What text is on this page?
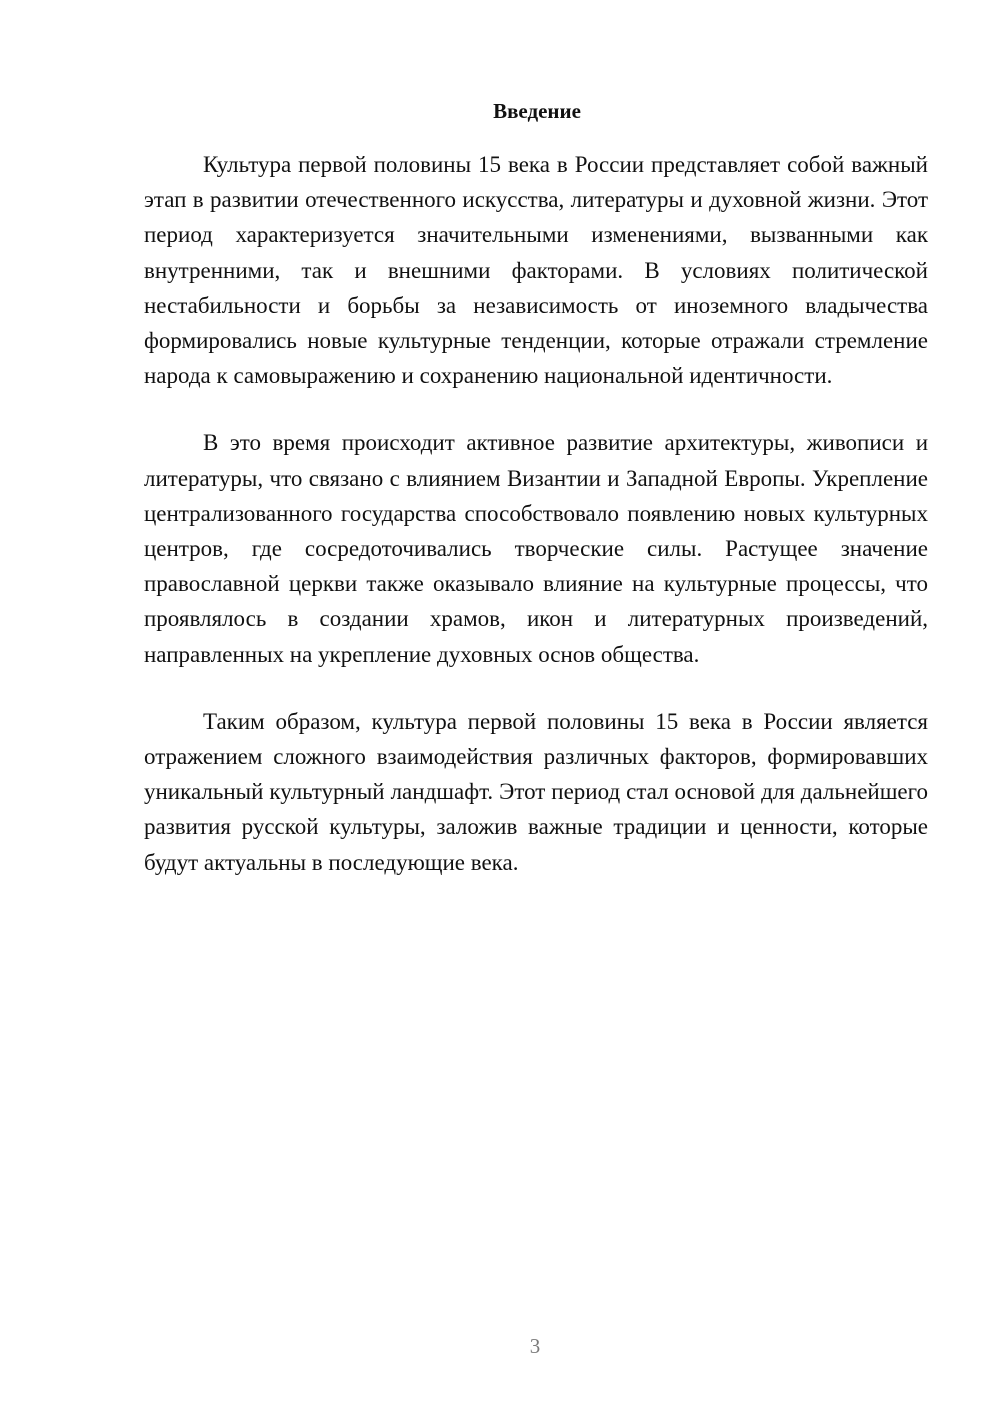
Введение

Культура первой половины 15 века в России представляет собой важный этап в развитии отечественного искусства, литературы и духовной жизни. Этот период характеризуется значительными изменениями, вызванными как внутренними, так и внешними факторами. В условиях политической нестабильности и борьбы за независимость от иноземного владычества формировались новые культурные тенденции, которые отражали стремление народа к самовыражению и сохранению национальной идентичности.

В это время происходит активное развитие архитектуры, живописи и литературы, что связано с влиянием Византии и Западной Европы. Укрепление централизованного государства способствовало появлению новых культурных центров, где сосредоточивались творческие силы. Растущее значение православной церкви также оказывало влияние на культурные процессы, что проявлялось в создании храмов, икон и литературных произведений, направленных на укрепление духовных основ общества.

Таким образом, культура первой половины 15 века в России является отражением сложного взаимодействия различных факторов, формировавших уникальный культурный ландшафт. Этот период стал основой для дальнейшего развития русской культуры, заложив важные традиции и ценности, которые будут актуальны в последующие века.

3
